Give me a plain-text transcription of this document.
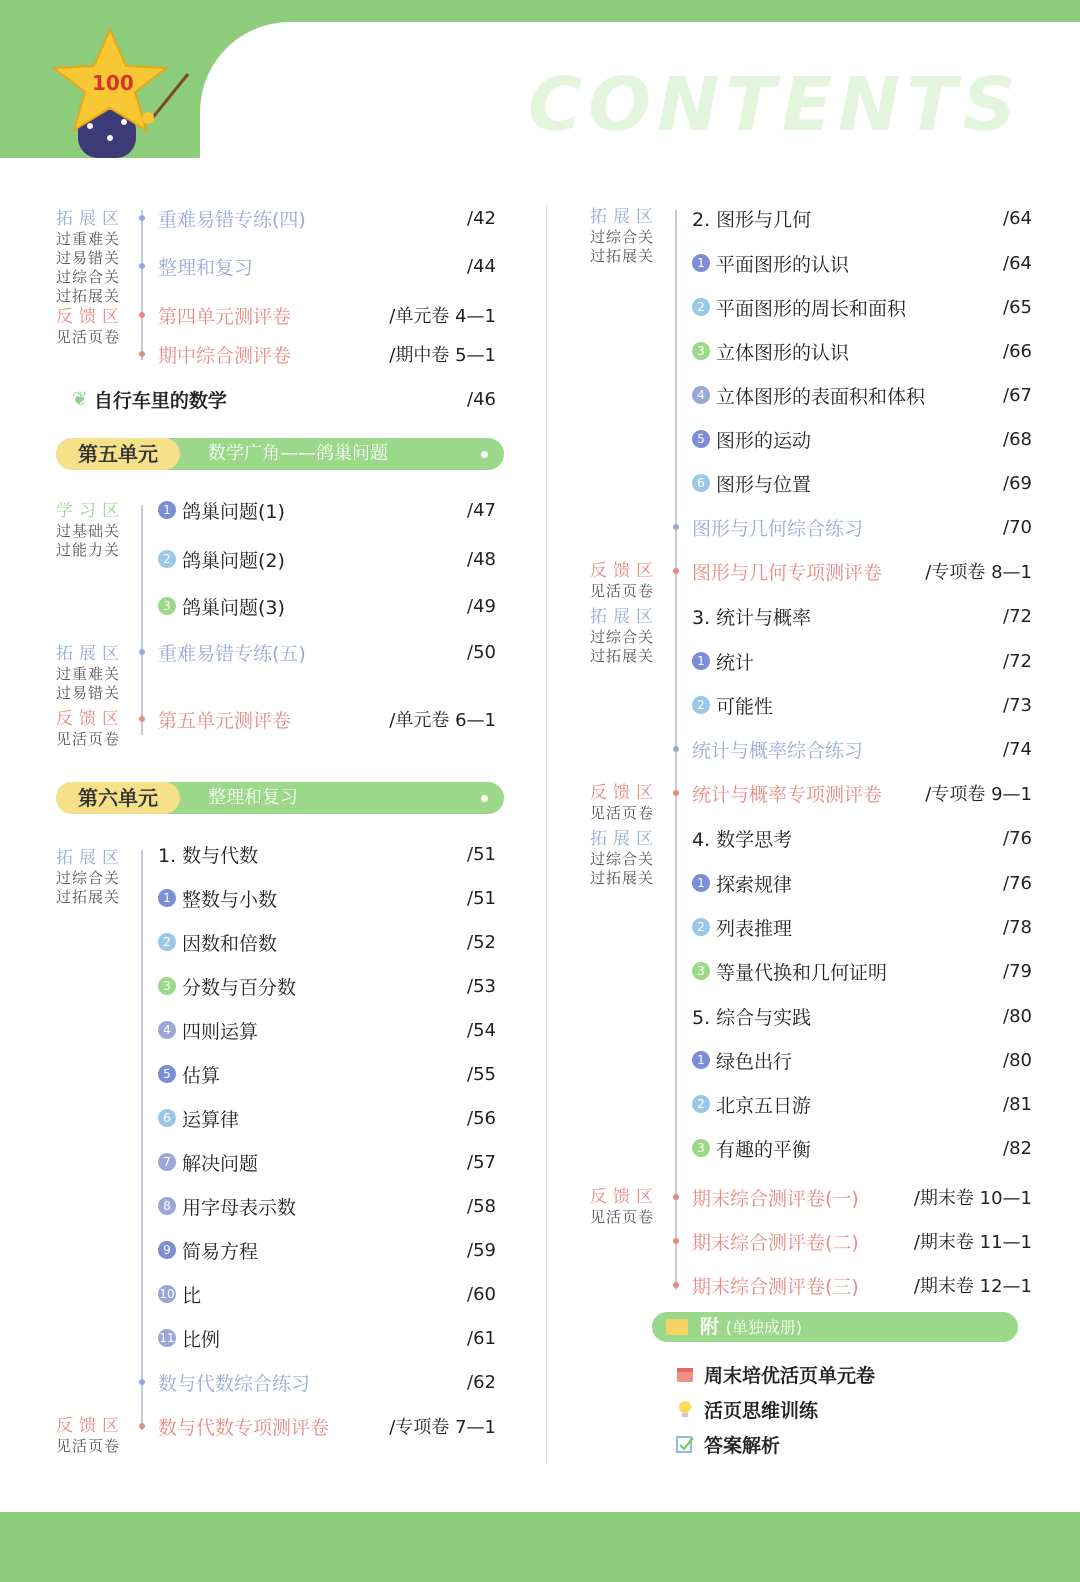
CONTENTS
100
拓展区
过重难关
过易错关
过综合关
过拓展关
反馈区
见活页卷
学习区
过基础关
过能力关
拓展区
过重难关
过易错关
反馈区
见活页卷
拓展区
过综合关
过拓展关
反馈区
见活页卷
重难易错专练(四)	/42
整理和复习	/44
第四单元测评卷	/单元卷 4—1
期中综合测评卷	/期中卷 5—1
❦ 自行车里的数学	/46
1 鸽巢问题(1)	/47
2 鸽巢问题(2)	/48
3 鸽巢问题(3)	/49
重难易错专练(五)	/50
第五单元测评卷	/单元卷 6—1
1. 数与代数	/51
1 整数与小数	/51
2 因数和倍数	/52
3 分数与百分数	/53
4 四则运算	/54
5 估算	/55
6 运算律	/56
7 解决问题	/57
8 用字母表示数	/58
9 简易方程	/59
10 比	/60
11 比例	/61
数与代数综合练习	/62
数与代数专项测评卷	/专项卷 7—1
数学广角——鸽巢问题
第五单元
整理和复习
第六单元
拓展区
过综合关
过拓展关
反馈区
见活页卷
拓展区
过综合关
过拓展关
反馈区
见活页卷
拓展区
过综合关
过拓展关
反馈区
见活页卷
2. 图形与几何	/64
1 平面图形的认识	/64
2 平面图形的周长和面积	/65
3 立体图形的认识	/66
4 立体图形的表面积和体积	/67
5 图形的运动	/68
6 图形与位置	/69
图形与几何综合练习	/70
图形与几何专项测评卷 /专项卷 8—1
3. 统计与概率	/72
1 统计	/72
2 可能性	/73
统计与概率综合练习	/74
统计与概率专项测评卷 /专项卷 9—1
4. 数学思考	/76
1 探索规律	/76
2 列表推理	/78
3 等量代换和几何证明	/79
5. 综合与实践	/80
1 绿色出行	/80
2 北京五日游	/81
3 有趣的平衡	/82
期末综合测评卷(一)	/期末卷 10—1
期末综合测评卷(二)	/期末卷 11—1
期末综合测评卷(三)	/期末卷 12—1
附 (单独成册)
周末培优活页单元卷
活页思维训练
答案解析
